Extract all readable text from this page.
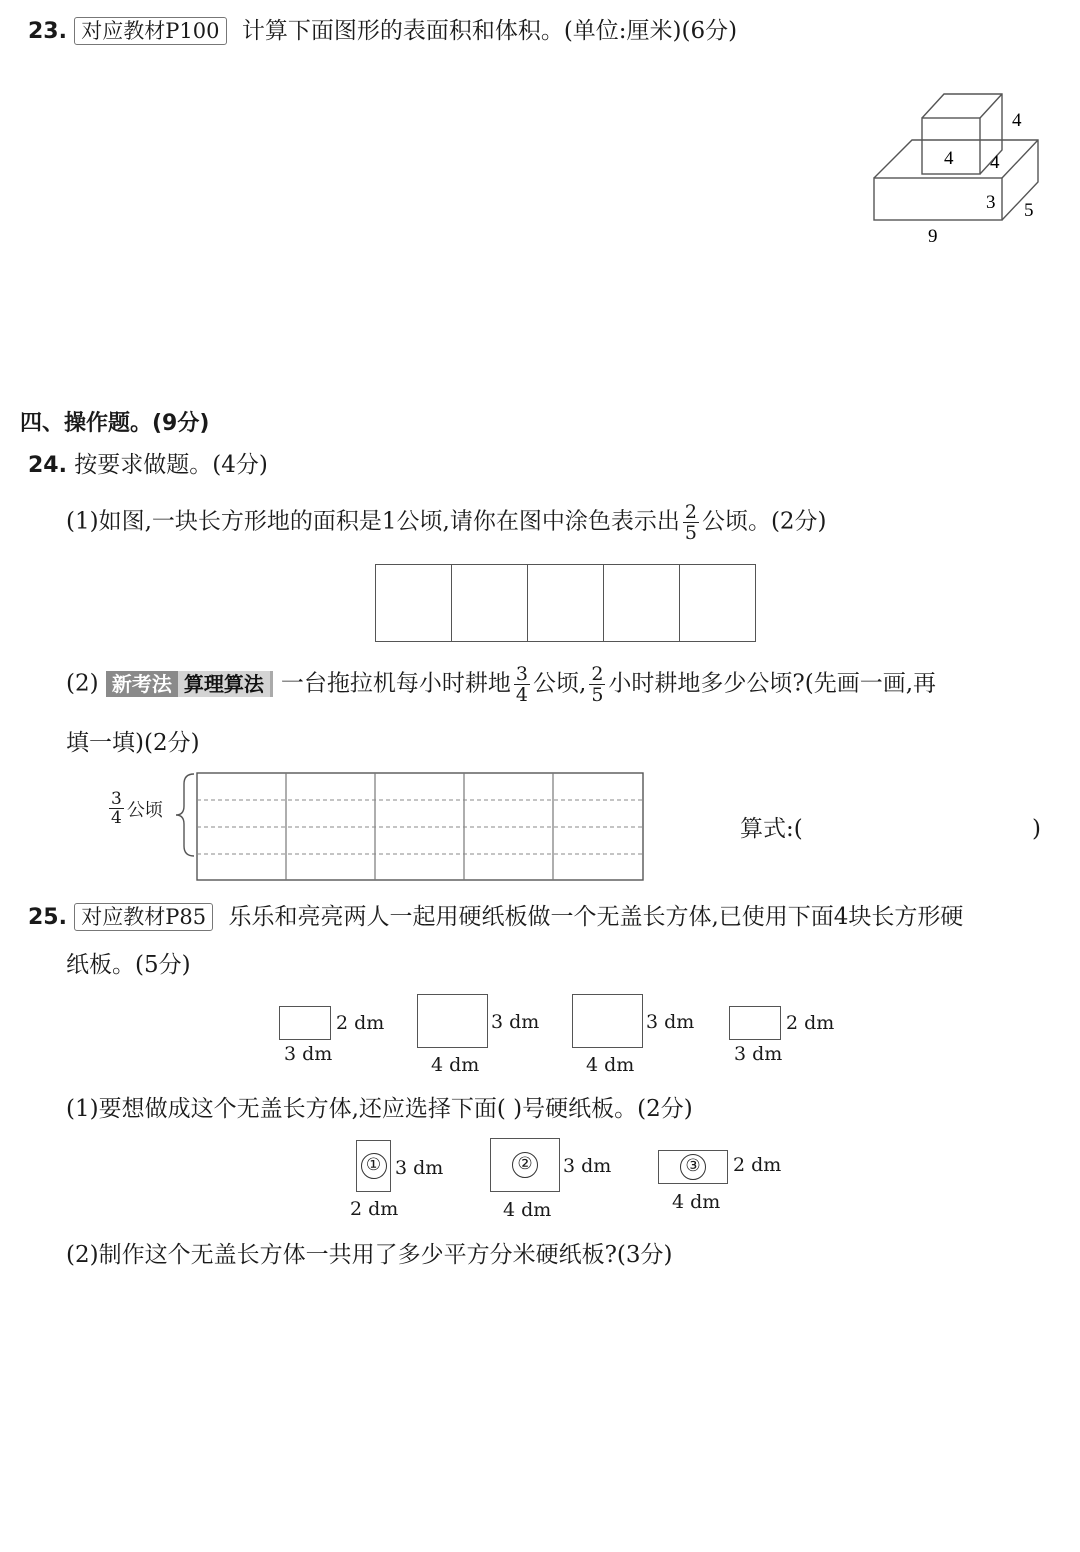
23. 对应教材P100 计算下面图形的表面积和体积。(单位:厘米)(6分)
4
4 4
3 5
9
四、操作题。(9分)
24. 按要求做题。(4分)
(1)如图,一块长方形地的面积是1公顷,请你在图中涂色表示出 $\frac{2}{5}$ 公顷。(2分)
(2) 新考法 算理算法 一台拖拉机每小时耕地 $\frac{3}{4}$ 公顷, $\frac{2}{5}$ 小时耕地多少公顷?(先画一画,再
填一填)(2分)
$\frac{3}{4}$ 公顷
算式:(	)
25. 对应教材P85 乐乐和亮亮两人一起用硬纸板做一个无盖长方体,已使用下面4块长方形硬
纸板。(5分)
2 dm
3 dm
3 dm
4 dm
3 dm
4 dm
2 dm
3 dm
(1)要想做成这个无盖长方体,还应选择下面( )号硬纸板。(2分)
① 3 dm
2 dm
② 3 dm
4 dm
③ 2 dm
4 dm
(2)制作这个无盖长方体一共用了多少平方分米硬纸板?(3分)
